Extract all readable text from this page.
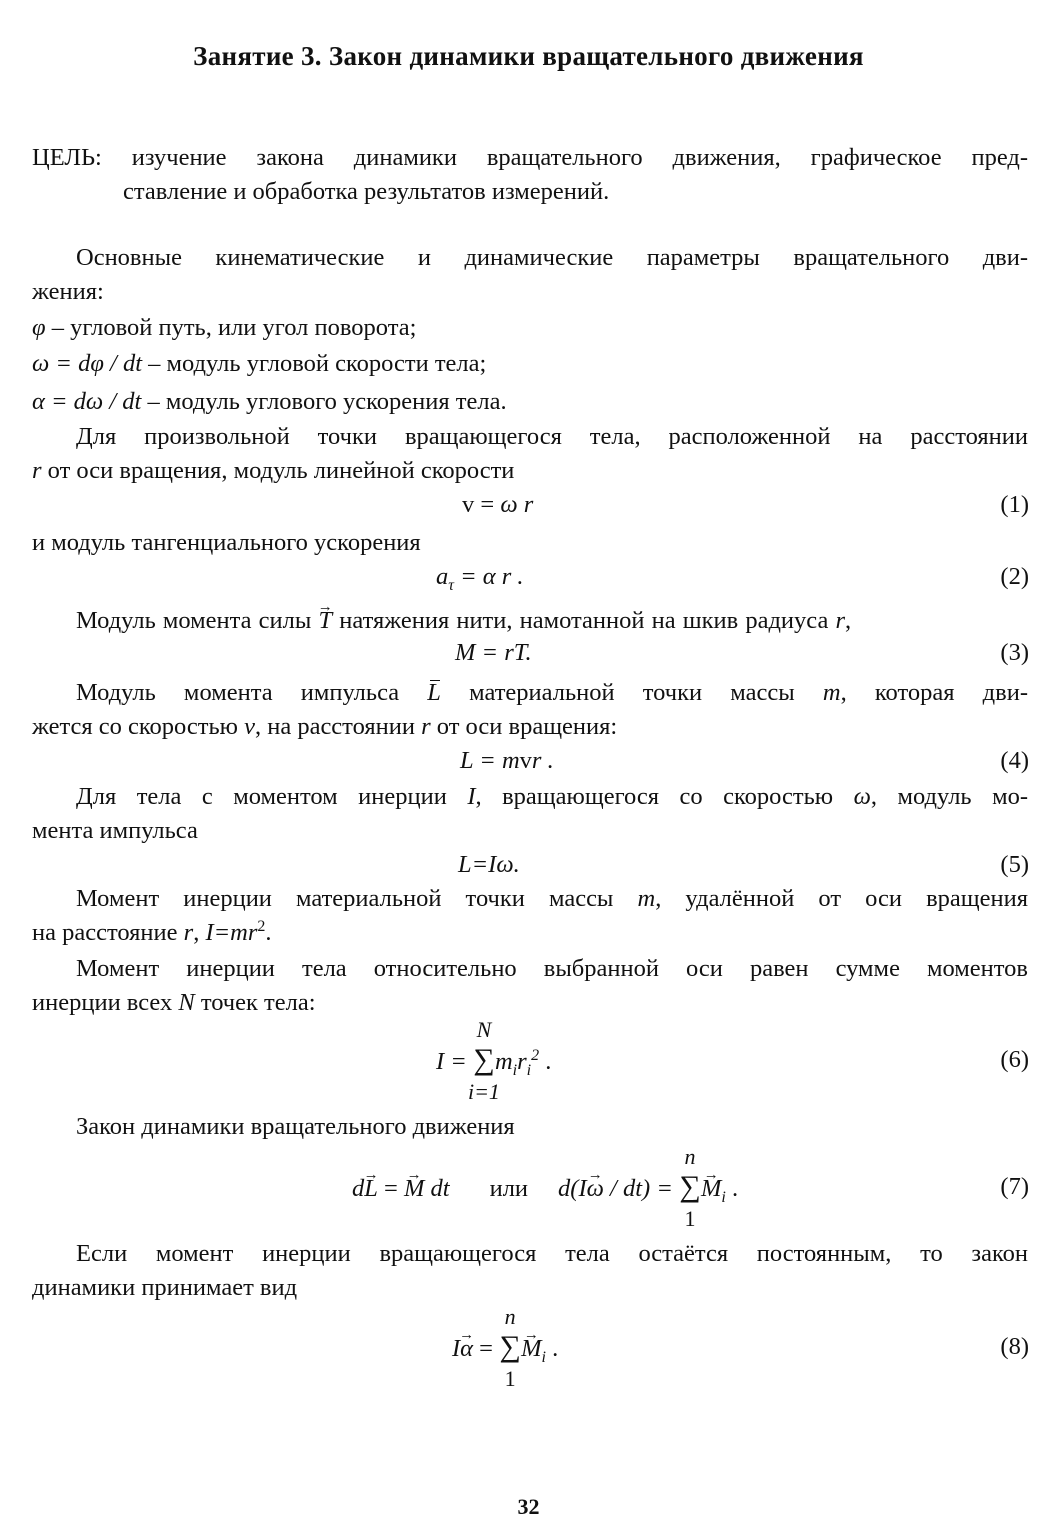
Занятие 3. Закон динамики вращательного движения
ЦЕЛЬ: изучение закона динамики вращательного движения, графическое пред-
ставление и обработка результатов измерений.
Основные кинематические и динамические параметры вращательного дви-
жения:
φ – угловой путь, или угол поворота;
ω = dφ / dt – модуль угловой скорости тела;
α = dω / dt – модуль углового ускорения тела.
Для произвольной точки вращающегося тела, расположенной на расстоянии
r от оси вращения, модуль линейной скорости
v = ω r	(1)
и модуль тангенциального ускорения
$a_\tau = \alpha$ r .	(2)
Модуль момента силы → T натяжения нити, намотанной на шкив радиуса r,
M = rT.	(3)
Модуль момента импульса L материальной точки массы m, которая дви-
жется со скоростью v, на расстоянии r от оси вращения:
L = mvr .	(4)
Для тела с моментом инерции I, вращающегося со скоростью ω, модуль мо-
мента импульса
L=Iω.	(5)
Момент инерции материальной точки массы m, удалённой от оси вращения
на расстояние r, $I=mr^2$.
Момент инерции тела относительно выбранной оси равен сумме моментов
инерции всех N точек тела:
I =
N
∑
i=1
$m_ir_i^2$ .	(6)
Закон динамики вращательного движения
d→ L = → M dt или d(I→ ω / dt) =
n
∑
1
→ $M_i$ .	(7)
Если момент инерции вращающегося тела остаётся постоянным, то закон
динамики принимает вид
I→ α =
n
∑
1
→ $M_i$ .	(8)
32
